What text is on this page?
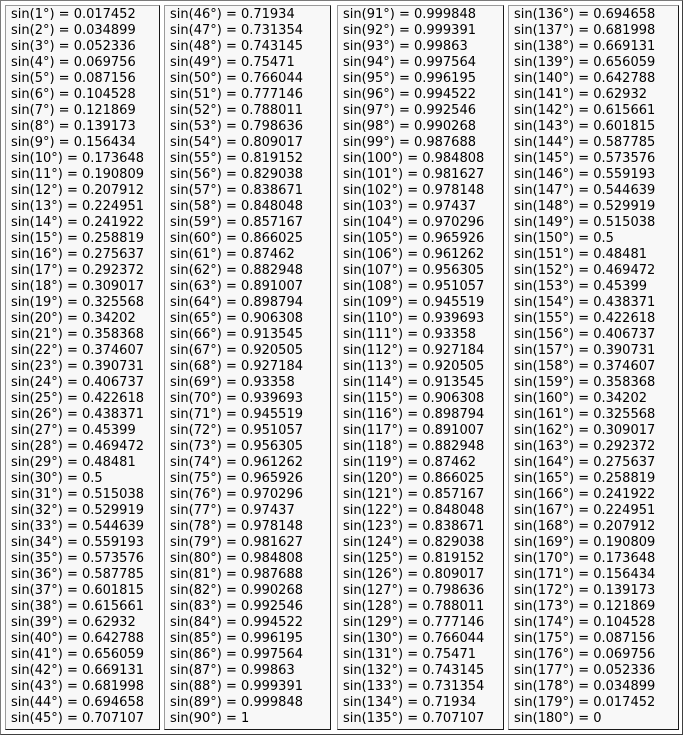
sin(1°) = 0.017452
sin(2°) = 0.034899
sin(3°) = 0.052336
sin(4°) = 0.069756
sin(5°) = 0.087156
sin(6°) = 0.104528
sin(7°) = 0.121869
sin(8°) = 0.139173
sin(9°) = 0.156434
sin(10°) = 0.173648
sin(11°) = 0.190809
sin(12°) = 0.207912
sin(13°) = 0.224951
sin(14°) = 0.241922
sin(15°) = 0.258819
sin(16°) = 0.275637
sin(17°) = 0.292372
sin(18°) = 0.309017
sin(19°) = 0.325568
sin(20°) = 0.34202
sin(21°) = 0.358368
sin(22°) = 0.374607
sin(23°) = 0.390731
sin(24°) = 0.406737
sin(25°) = 0.422618
sin(26°) = 0.438371
sin(27°) = 0.45399
sin(28°) = 0.469472
sin(29°) = 0.48481
sin(30°) = 0.5
sin(31°) = 0.515038
sin(32°) = 0.529919
sin(33°) = 0.544639
sin(34°) = 0.559193
sin(35°) = 0.573576
sin(36°) = 0.587785
sin(37°) = 0.601815
sin(38°) = 0.615661
sin(39°) = 0.62932
sin(40°) = 0.642788
sin(41°) = 0.656059
sin(42°) = 0.669131
sin(43°) = 0.681998
sin(44°) = 0.694658
sin(45°) = 0.707107
sin(46°) = 0.71934
sin(47°) = 0.731354
sin(48°) = 0.743145
sin(49°) = 0.75471
sin(50°) = 0.766044
sin(51°) = 0.777146
sin(52°) = 0.788011
sin(53°) = 0.798636
sin(54°) = 0.809017
sin(55°) = 0.819152
sin(56°) = 0.829038
sin(57°) = 0.838671
sin(58°) = 0.848048
sin(59°) = 0.857167
sin(60°) = 0.866025
sin(61°) = 0.87462
sin(62°) = 0.882948
sin(63°) = 0.891007
sin(64°) = 0.898794
sin(65°) = 0.906308
sin(66°) = 0.913545
sin(67°) = 0.920505
sin(68°) = 0.927184
sin(69°) = 0.93358
sin(70°) = 0.939693
sin(71°) = 0.945519
sin(72°) = 0.951057
sin(73°) = 0.956305
sin(74°) = 0.961262
sin(75°) = 0.965926
sin(76°) = 0.970296
sin(77°) = 0.97437
sin(78°) = 0.978148
sin(79°) = 0.981627
sin(80°) = 0.984808
sin(81°) = 0.987688
sin(82°) = 0.990268
sin(83°) = 0.992546
sin(84°) = 0.994522
sin(85°) = 0.996195
sin(86°) = 0.997564
sin(87°) = 0.99863
sin(88°) = 0.999391
sin(89°) = 0.999848
sin(90°) = 1
sin(91°) = 0.999848
sin(92°) = 0.999391
sin(93°) = 0.99863
sin(94°) = 0.997564
sin(95°) = 0.996195
sin(96°) = 0.994522
sin(97°) = 0.992546
sin(98°) = 0.990268
sin(99°) = 0.987688
sin(100°) = 0.984808
sin(101°) = 0.981627
sin(102°) = 0.978148
sin(103°) = 0.97437
sin(104°) = 0.970296
sin(105°) = 0.965926
sin(106°) = 0.961262
sin(107°) = 0.956305
sin(108°) = 0.951057
sin(109°) = 0.945519
sin(110°) = 0.939693
sin(111°) = 0.93358
sin(112°) = 0.927184
sin(113°) = 0.920505
sin(114°) = 0.913545
sin(115°) = 0.906308
sin(116°) = 0.898794
sin(117°) = 0.891007
sin(118°) = 0.882948
sin(119°) = 0.87462
sin(120°) = 0.866025
sin(121°) = 0.857167
sin(122°) = 0.848048
sin(123°) = 0.838671
sin(124°) = 0.829038
sin(125°) = 0.819152
sin(126°) = 0.809017
sin(127°) = 0.798636
sin(128°) = 0.788011
sin(129°) = 0.777146
sin(130°) = 0.766044
sin(131°) = 0.75471
sin(132°) = 0.743145
sin(133°) = 0.731354
sin(134°) = 0.71934
sin(135°) = 0.707107
sin(136°) = 0.694658
sin(137°) = 0.681998
sin(138°) = 0.669131
sin(139°) = 0.656059
sin(140°) = 0.642788
sin(141°) = 0.62932
sin(142°) = 0.615661
sin(143°) = 0.601815
sin(144°) = 0.587785
sin(145°) = 0.573576
sin(146°) = 0.559193
sin(147°) = 0.544639
sin(148°) = 0.529919
sin(149°) = 0.515038
sin(150°) = 0.5
sin(151°) = 0.48481
sin(152°) = 0.469472
sin(153°) = 0.45399
sin(154°) = 0.438371
sin(155°) = 0.422618
sin(156°) = 0.406737
sin(157°) = 0.390731
sin(158°) = 0.374607
sin(159°) = 0.358368
sin(160°) = 0.34202
sin(161°) = 0.325568
sin(162°) = 0.309017
sin(163°) = 0.292372
sin(164°) = 0.275637
sin(165°) = 0.258819
sin(166°) = 0.241922
sin(167°) = 0.224951
sin(168°) = 0.207912
sin(169°) = 0.190809
sin(170°) = 0.173648
sin(171°) = 0.156434
sin(172°) = 0.139173
sin(173°) = 0.121869
sin(174°) = 0.104528
sin(175°) = 0.087156
sin(176°) = 0.069756
sin(177°) = 0.052336
sin(178°) = 0.034899
sin(179°) = 0.017452
sin(180°) = 0
